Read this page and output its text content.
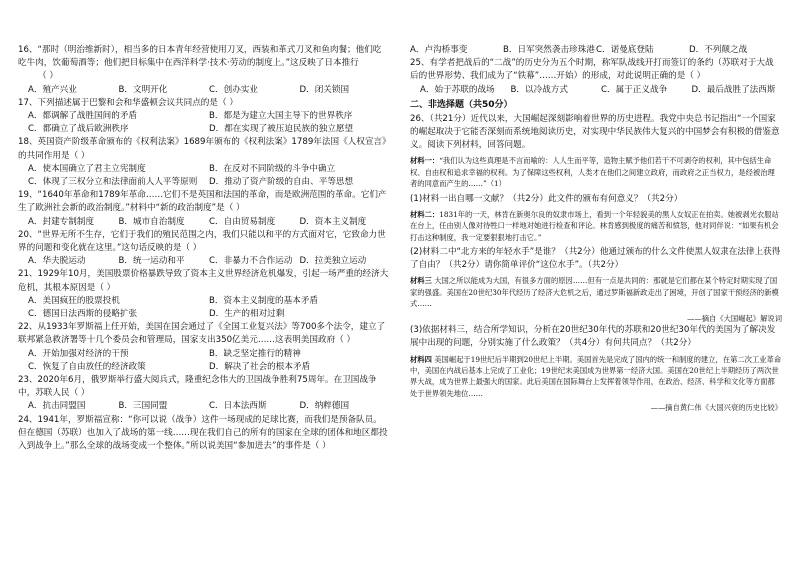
16、“那时（明治维新时），相当多的日本青年经营使用刀叉，西装和革式刀叉和鱼肉餐；他们吃吃牛肉，饮葡萄酒等；他们把目标集中在西洋科学·技术·劳动的制度上。”这反映了日本推行

（ ）
A．殖产兴业	B．文明开化	C．创办实业	D．闭关锁国

17、下列描述属于巴黎和会和华盛顿会议共同点的是（ ）

A．都调解了战胜国间的矛盾	B．都是为建立大国主导下的世界秩序
C．都确立了战后欧洲秩序	D．都在实现了被压迫民族的独立愿望

18、英国资产阶级革命颁布的《权利法案》1689年颁布的《权利法案》1789年法国《人权宣言》的共同作用是（ ）

A．使本国确立了君主立宪制度	B．在反对不同阶级的斗争中确立
C．体现了三权分立和法律面前人人平等原则	D．推动了资产阶级的自由、平等思想

19、“1640年革命和1789年革命……它们不是英国和法国的革命，而是欧洲范围的革命。它们产生了欧洲社会新的政治制度。”材料中“新的政治制度”是（ ）

A．封建专制制度	B．城市自治制度	C．自由贸易制度	D．资本主义制度

20、“世界无所不生存，它们于我们的殖民范围之内，我们只能以和平的方式面对它，它致命力世界的问题和变化就在这里。”这句话反映的是（ ）

A．华夫脱运动	B．统一运动和平	C．非暴力不合作运动 D．拉美独立运动

21、1929年10月，美国股票价格暴跌导致了资本主义世界经济危机爆发，引起一场严重的经济大危机，其根本原因是（ ）

A．美国疯狂的股票投机	B．资本主义制度的基本矛盾
C．德国日法西斯的侵略扩张	D．生产的相对过剩

22、从1933年罗斯福上任开始，美国在国会通过了《全国工业复兴法》等700多个法令，建立了联邦紧急救济署等十几个委员会和管理局，国家支出350亿美元……这表明美国政府（ ）

A．开始加强对经济的干预	B．缺乏坚定推行的精神
C．恢复了自由放任的经济政策	D．解决了社会的根本矛盾

23、2020年6月，俄罗斯举行盛大阅兵式，隆重纪念伟大的卫国战争胜利75周年。在卫国战争中，苏联人民（ ）

A．抗击同盟国	B．三国同盟	C．日本法西斯	D．纳粹德国

24、1941年，罗斯福宣称：“你可以说（战争）这件一场现成的足球比赛，而我们是预备队员。但在德国（苏联）也加入了战场的第一线……现在我们自己的所有的国家在全球的团体和地区都投入到战争上。”那么全球的战场变成一个整体。”所以说美国“参加进去”的事件是（ ）

A．卢沟桥事变	B．日军突然袭击珍珠港 C．诺曼底登陆	D．不列颠之战

25、有学者把战后的“二战”的历史分为五个时期，称军队战线开打而签订的条约（苏联对于大战后的世界形势、我们成为了“铁幕”……开始）的形成，对此说明正确的是（ ）

A．始于苏联的战场	B．以冷战方式	C．属于正义战争	D．最后战胜了法西斯
二、非选择题（共50分）

26、（共21分）近代以来，大国崛起深刻影响着世界的历史进程。我党中央总书记指出“一个国家的崛起取决于它能否深刻而系统地阅读历史，对实现中华民族伟大复兴的中国梦会有积极的借鉴意义。阅读下列材料，回答问题。

材料一：“我们认为这些真理是不言而喻的：人人生而平等，造物主赋予他们若干不可剥夺的权利，其中包括生命权、自由权和追求幸福的权利。为了保障这些权利，人类才在他们之间建立政府，而政府之正当权力，是经被治理者的同意而产生的……”（1）

(1)材料一出自哪一文献？（共2分）此文件的颁布有何意义？（共2分）

材料二：1831年的一天，林肯在新奥尔良的奴隶市场上，看到一个年轻貌美的黑人女奴正在拍卖。她被剥光衣服站在台上，任由别人像对待牲口一样地对她进行检查和评论。林肯感到极度的痛苦和愤怒，他对同伴说：“如果有机会打击这种制度，我一定要狠狠地打击它。”

(2)材料二中“北方来的年轻水手”是谁？（共2分）他通过颁布的什么文件使黑人奴隶在法律上获得了自由？（共2分）请你简单评价“这位水手”。（共2分）

材料三 大国之所以能成为大国，有很多方面的原因……但有一点是共同的：那就是它们都在某个特定时期实现了国家的强盛。美国在20世纪30年代经历了经济大危机之后，通过罗斯福新政走出了困境，开创了国家干预经济的新模式……

——摘自《大国崛起》解说词

(3)依据材料三，结合所学知识，分析在20世纪30年代的苏联和20世纪30年代的美国为了解决发展中出现的问题，分别实施了什么政策？（共4分）有何共同点？（共2分）

材料四 美国崛起于19世纪后半期到20世纪上半期。美国首先是完成了国内的统一和制度的建立，在第二次工业革命中，美国在内战后基本上完成了工业化；19世纪末美国成为世界第一经济大国。美国在20世纪上半期经历了两次世界大战，成为世界上最强大的国家。此后美国在国际舞台上发挥着领导作用，在政治、经济、科学和文化等方面都处于世界领先地位……

——摘自黄仁伟《大国兴衰的历史比较》
